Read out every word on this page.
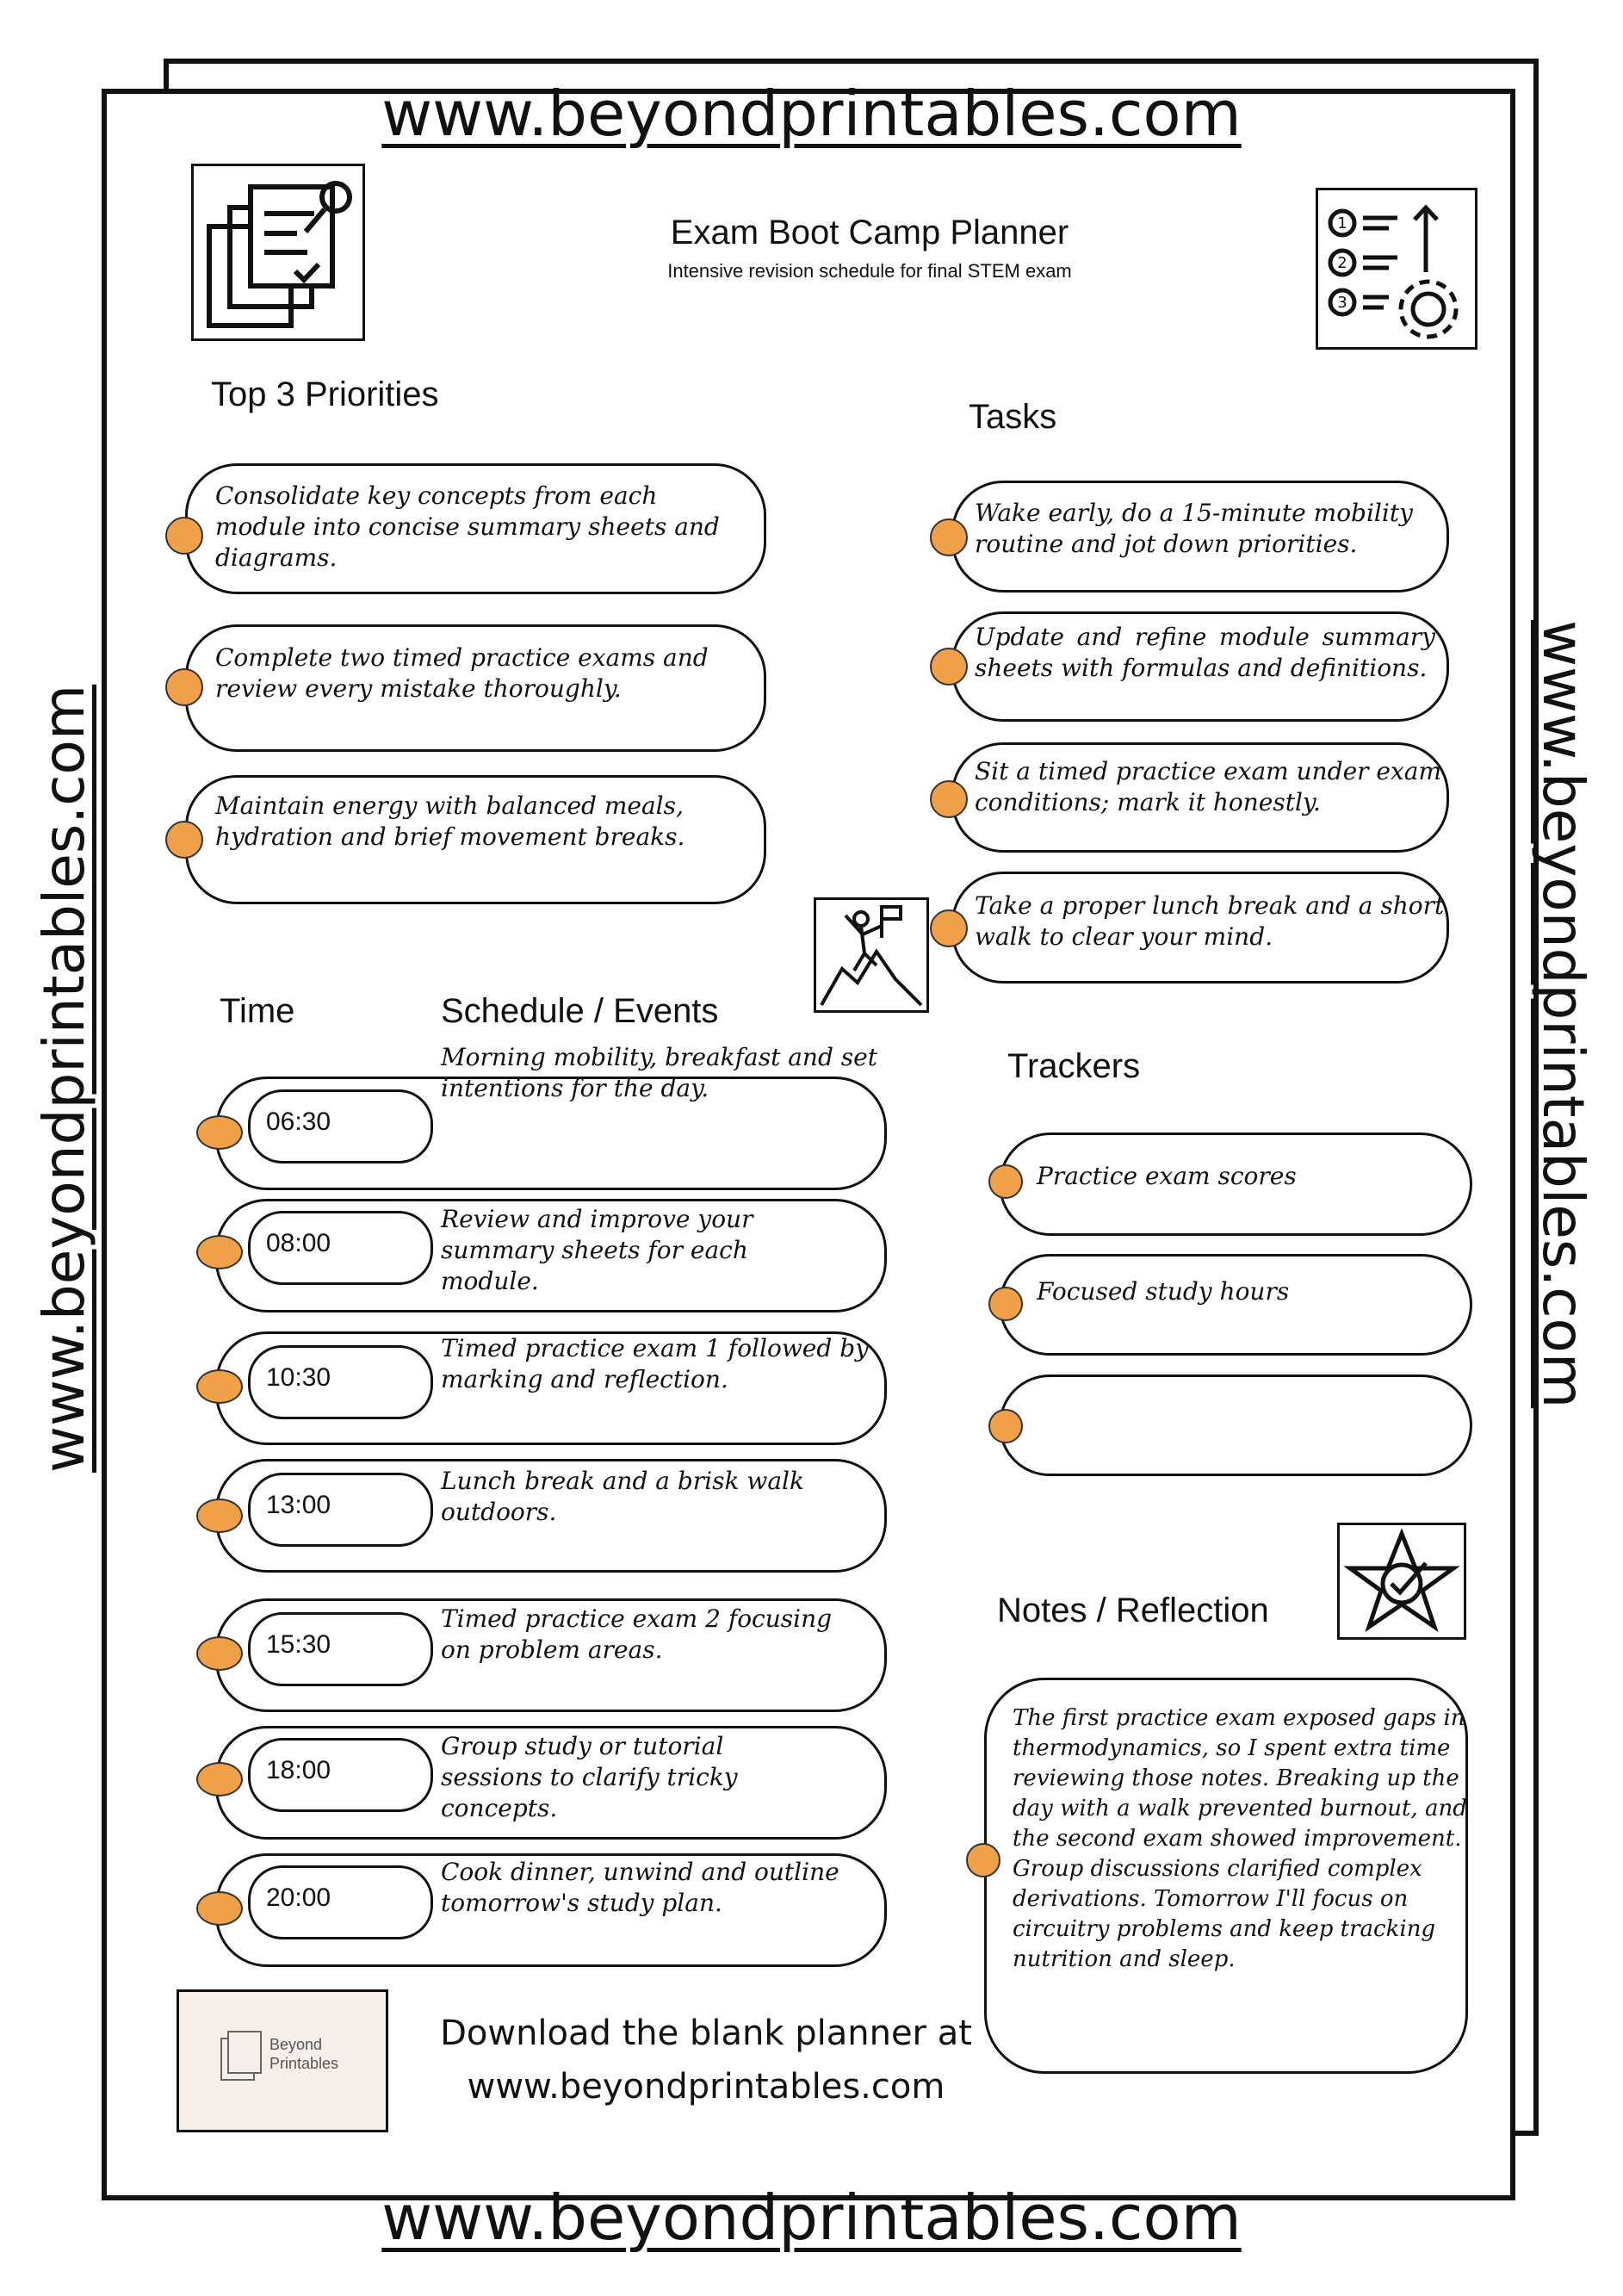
www.beyondprintables.com
www.beyondprintables.com
www.beyondprintables.com	www.beyondprintables.com
1
2
3
Exam Boot Camp Planner
Intensive revision schedule for final STEM exam
Top 3 Priorities
Consolidate key concepts from each module into concise summary sheets and diagrams.
Complete two timed practice exams and review every mistake thoroughly.
Maintain energy with balanced meals, hydration and brief movement breaks.
Tasks
Wake early, do a 15-minute mobility routine and jot down priorities.
Update and refine module summary sheets with formulas and definitions.
Sit a timed practice exam under exam conditions; mark it honestly.
Take a proper lunch break and a short walk to clear your mind.
Time	Schedule / Events
06:30
Morning mobility, breakfast and set intentions for the day.
08:00
Review and improve your summary sheets for each module.
10:30
Timed practice exam 1 followed by marking and reflection.
13:00
Lunch break and a brisk walk outdoors.
15:30
Timed practice exam 2 focusing on problem areas.
18:00
Group study or tutorial sessions to clarify tricky concepts.
20:00
Cook dinner, unwind and outline tomorrow's study plan.
Trackers
Practice exam scores
Focused study hours
Notes / Reflection
The first practice exam exposed gaps in thermodynamics, so I spent extra time reviewing those notes. Breaking up the day with a walk prevented burnout, and the second exam showed improvement. Group discussions clarified complex derivations. Tomorrow I'll focus on circuitry problems and keep tracking nutrition and sleep.
Beyond
Printables
Download the blank planner at
www.beyondprintables.com
